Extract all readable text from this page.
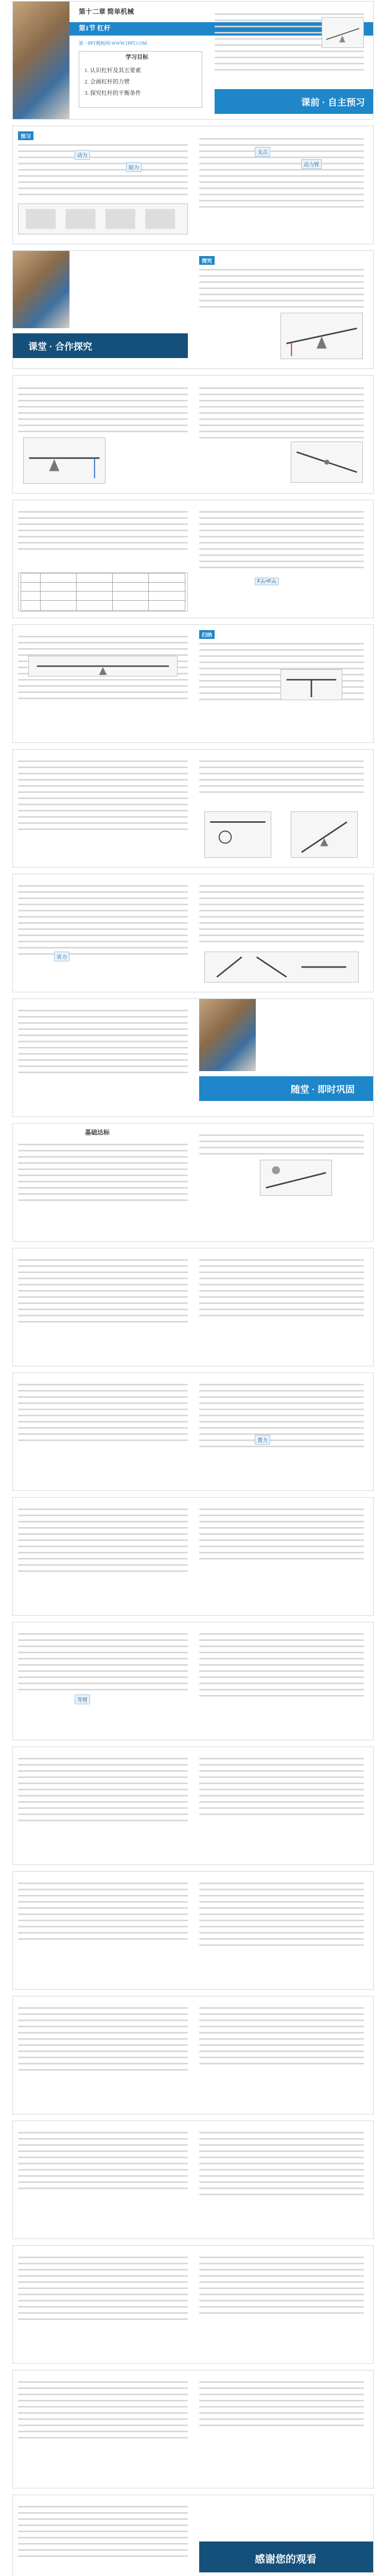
第十二章 简单机械
第1节 杠杆
第一PPT模板网-WWW.1PPT.COM
学习目标
1. 认识杠杆及其五要素
2. 会画杠杆的力臂
3. 探究杠杆的平衡条件
课前 · 自主预习
预习
动力
阻力
支点
动力臂
课堂 · 合作探究
探究
F₁l₁=F₂l₂
归纳
省力
随堂 · 即时巩固
基础达标
费力
等臂
感谢您的观看
